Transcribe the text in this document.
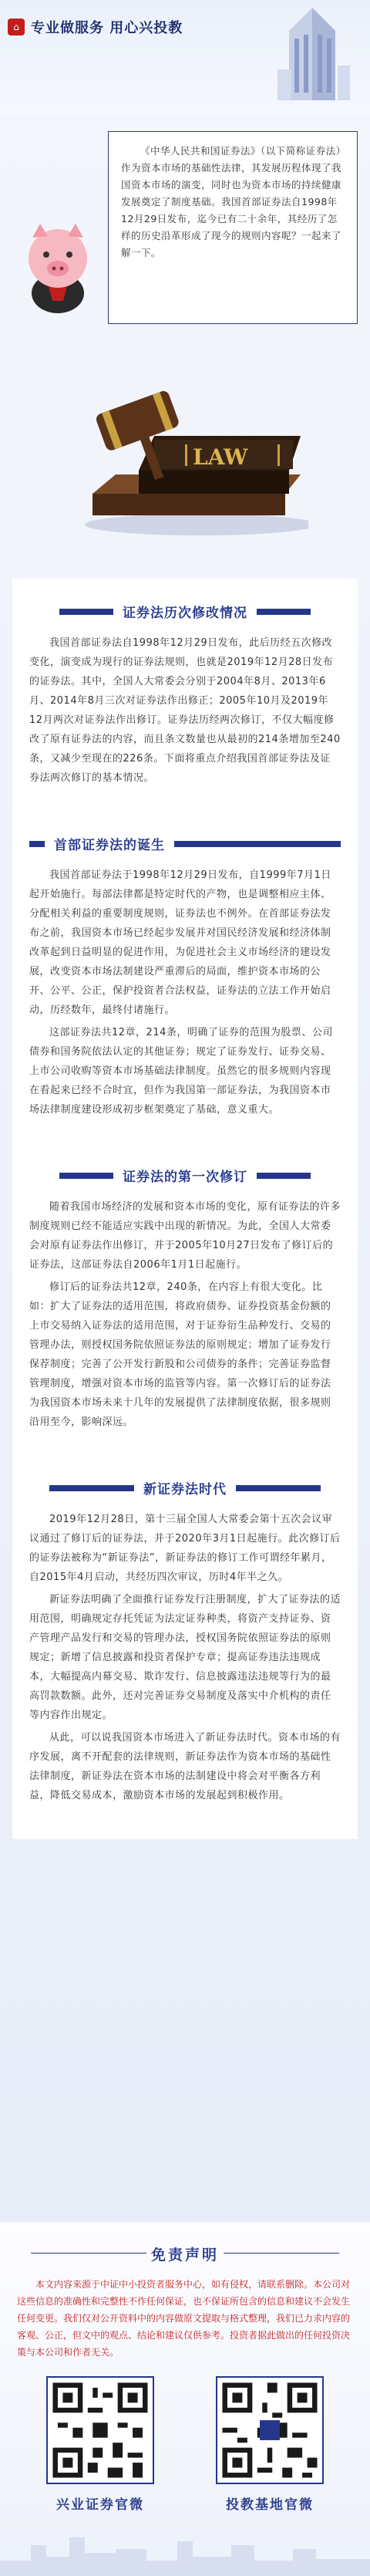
⌂ 专业做服务 用心兴投教

《中华人民共和国证券法》（以下简称证券法）作为资本市场的基础性法律，其发展历程体现了我国资本市场的演变，同时也为资本市场的持续健康发展奠定了制度基础。我国首部证券法自1998年12月29日发布，迄今已有二十余年，其经历了怎样的历史沿革形成了现今的规则内容呢？一起来了解一下。

LAW
证券法历次修改情况

我国首部证券法自1998年12月29日发布，此后历经五次修改变化，演变成为现行的证券法规则，也就是2019年12月28日发布的证券法。其中，全国人大常委会分别于2004年8月、2013年6月、2014年8月三次对证券法作出修正；2005年10月及2019年12月两次对证券法作出修订。证券法历经两次修订，不仅大幅度修改了原有证券法的内容，而且条文数量也从最初的214条增加至240条，又减少至现在的226条。下面将重点介绍我国首部证券法及证券法两次修订的基本情况。

首部证券法的诞生

我国首部证券法于1998年12月29日发布，自1999年7月1日起开始施行。每部法律都是特定时代的产物，也是调整相应主体、分配相关利益的重要制度规则，证券法也不例外。在首部证券法发布之前，我国资本市场已经起步发展并对国民经济发展和经济体制改革起到日益明显的促进作用，为促进社会主义市场经济的建设发展，改变资本市场法制建设严重滞后的局面，维护资本市场的公开、公平、公正，保护投资者合法权益，证券法的立法工作开始启动，历经数年，最终付诸施行。

这部证券法共12章，214条，明确了证券的范围为股票、公司债券和国务院依法认定的其他证券；规定了证券发行、证券交易、上市公司收购等资本市场基础法律制度。虽然它的很多规则内容现在看起来已经不合时宜，但作为我国第一部证券法，为我国资本市场法律制度建设形成初步框架奠定了基础，意义重大。

证券法的第一次修订

随着我国市场经济的发展和资本市场的变化，原有证券法的许多制度规则已经不能适应实践中出现的新情况。为此，全国人大常委会对原有证券法作出修订，并于2005年10月27日发布了修订后的证券法，这部证券法自2006年1月1日起施行。

修订后的证券法共12章，240条，在内容上有很大变化。比如：扩大了证券法的适用范围，将政府债券、证券投资基金份额的上市交易纳入证券法的适用范围，对于证券衍生品种发行、交易的管理办法，则授权国务院依照证券法的原则规定；增加了证券发行保荐制度；完善了公开发行新股和公司债券的条件；完善证券监督管理制度，增强对资本市场的监管等内容。第一次修订后的证券法为我国资本市场未来十几年的发展提供了法律制度依据，很多规则沿用至今，影响深远。

新证券法时代

2019年12月28日，第十三届全国人大常委会第十五次会议审议通过了修订后的证券法，并于2020年3月1日起施行。此次修订后的证券法被称为“新证券法”，新证券法的修订工作可谓经年累月，自2015年4月启动，共经历四次审议，历时4年半之久。

新证券法明确了全面推行证券发行注册制度，扩大了证券法的适用范围，明确规定存托凭证为法定证券种类，将资产支持证券、资产管理产品发行和交易的管理办法，授权国务院依照证券法的原则规定；新增了信息披露和投资者保护专章；提高证券违法违规成本，大幅提高内幕交易、欺诈发行、信息披露违法违规等行为的最高罚款数额。此外，还对完善证券交易制度及落实中介机构的责任等内容作出规定。

从此，可以说我国资本市场进入了新证券法时代。资本市场的有序发展，离不开配套的法律规则，新证券法作为资本市场的基础性法律制度，新证券法在资本市场的法制建设中将会对平衡各方利益，降低交易成本，激励资本市场的发展起到积极作用。

免责声明

本文内容来源于中证中小投资者服务中心，如有侵权，请联系删除。本公司对这些信息的准确性和完整性不作任何保证，也不保证所包含的信息和建议不会发生任何变更。我们仅对公开资料中的内容做原文提取与格式整理，我们已力求内容的客观、公正，但文中的观点、结论和建议仅供参考。投资者据此做出的任何投资决策与本公司和作者无关。

兴业证券官微	投教基地官微
